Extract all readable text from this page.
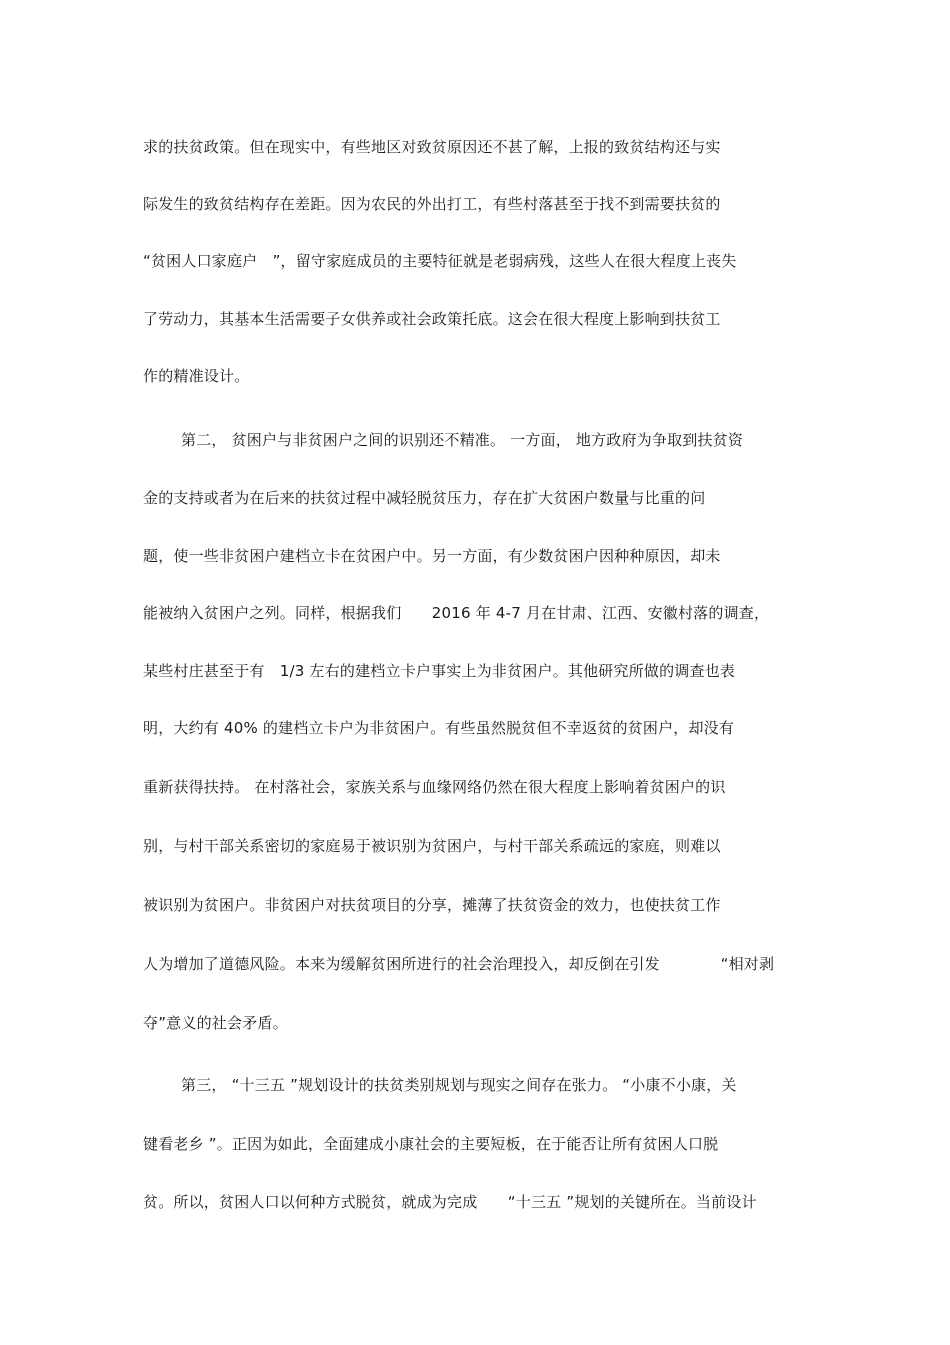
求的扶贫政策。但在现实中，有些地区对致贫原因还不甚了解，上报的致贫结构还与实
际发生的致贫结构存在差距。因为农民的外出打工，有些村落甚至于找不到需要扶贫的
“贫困人口家庭户　”，留守家庭成员的主要特征就是老弱病残，这些人在很大程度上丧失
了劳动力，其基本生活需要子女供养或社会政策托底。这会在很大程度上影响到扶贫工
作的精准设计。
第二， 贫困户与非贫困户之间的识别还不精准。 一方面， 地方政府为争取到扶贫资
金的支持或者为在后来的扶贫过程中减轻脱贫压力，存在扩大贫困户数量与比重的问
题，使一些非贫困户建档立卡在贫困户中。另一方面，有少数贫困户因种种原因，却未
能被纳入贫困户之列。同样，根据我们　　2016 年 4-7 月在甘肃、江西、安徽村落的调查，
某些村庄甚至于有　1/3 左右的建档立卡户事实上为非贫困户。其他研究所做的调查也表
明，大约有 40% 的建档立卡户为非贫困户。有些虽然脱贫但不幸返贫的贫困户，却没有
重新获得扶持。 在村落社会，家族关系与血缘网络仍然在很大程度上影响着贫困户的识
别，与村干部关系密切的家庭易于被识别为贫困户，与村干部关系疏远的家庭，则难以
被识别为贫困户。非贫困户对扶贫项目的分享，摊薄了扶贫资金的效力，也使扶贫工作
人为增加了道德风险。本来为缓解贫困所进行的社会治理投入，却反倒在引发　　　　“相对剥
夺”意义的社会矛盾。
第三， “十三五 ”规划设计的扶贫类别规划与现实之间存在张力。 “小康不小康，关
键看老乡 ”。正因为如此，全面建成小康社会的主要短板，在于能否让所有贫困人口脱
贫。所以，贫困人口以何种方式脱贫，就成为完成　　“十三五 ”规划的关键所在。当前设计
